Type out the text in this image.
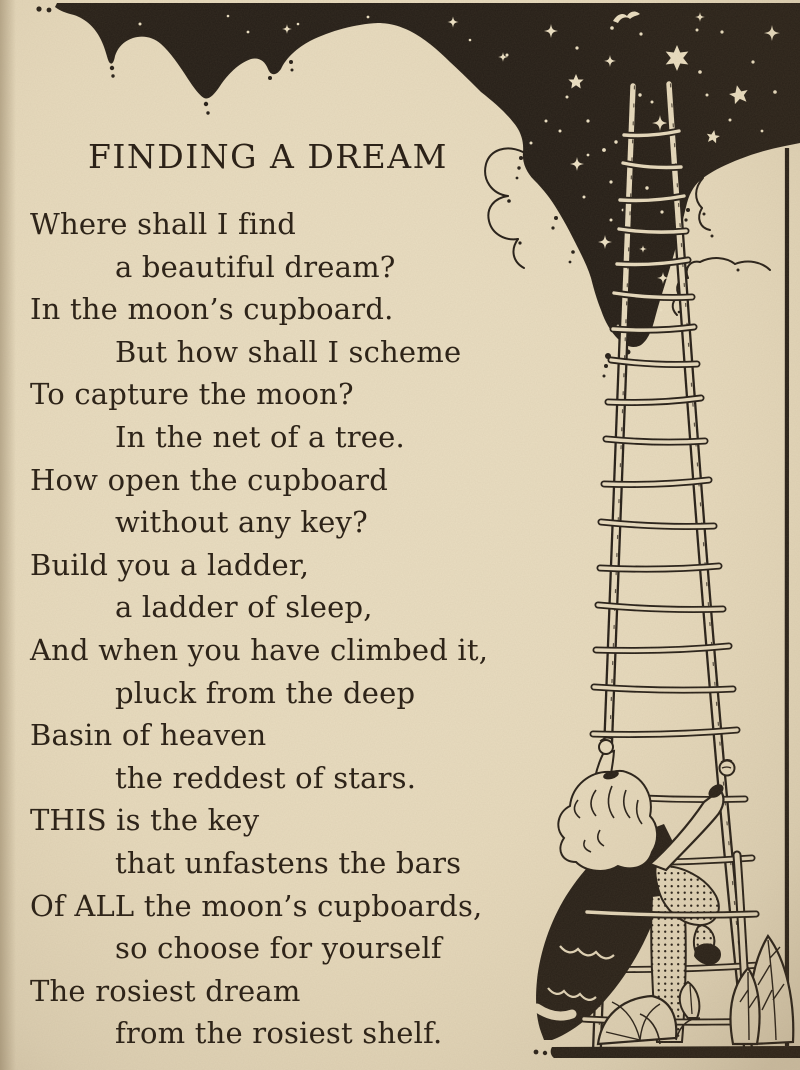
FINDING A DREAM
Where shall I find
a beautiful dream?
In the moon’s cupboard.
But how shall I scheme
To capture the moon?
In the net of a tree.
How open the cupboard
without any key?
Build you a ladder,
a ladder of sleep,
And when you have climbed it,
pluck from the deep
Basin of heaven
the reddest of stars.
THIS is the key
that unfastens the bars
Of ALL the moon’s cupboards,
so choose for yourself
The rosiest dream
from the rosiest shelf.
